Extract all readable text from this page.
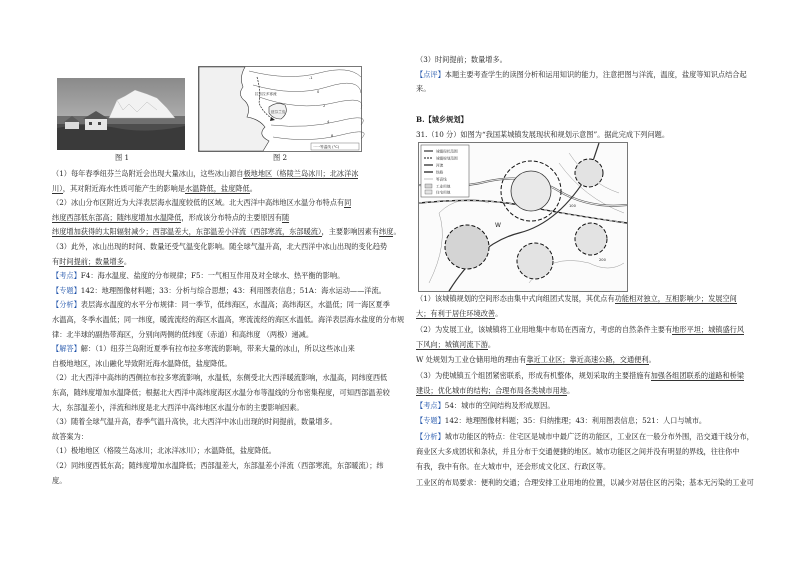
图 1
拉布拉多寒流
纽芬兰岛
-1
0
2
4
8
一一等温线 (°C)
图 2
（1）每年春季纽芬兰岛附近会出现大量冰山，这些冰山源自极地地区（格陵兰岛冰川；北冰洋冰
川），其对附近海水性质可能产生的影响是水温降低，盐度降低。
（2）冰山分布区附近为大洋表层海水温度较低的区域。北大西洋中高纬地区水温分布特点有同
纬度西部低东部高；随纬度增加水温降低，形成该分布特点的主要原因有随
纬度增加获得的太阳辐射减少；西部温差大，东部温差小洋流（西部寒流，东部暖流），主要影响因素有纬度。
（3）此外，冰山出现的时间、数量还受气温变化影响。随全球气温升高，北大西洋中冰山出现的变化趋势
有时间提前；数量增多。
【考点】F4：海水温度、盐度的分布规律；F5：一气相互作用及对全球水、热平衡的影响。
【专题】142：地理图像材料题；33：分析与综合思想；43：利用图表信息；51A：海水运动——洋流。
【分析】表层海水温度的水平分布规律：同一季节，低纬海区，水温高；高纬海区，水温低；同一海区夏季
水温高，冬季水温低；同一纬度，暖流流经的海区水温高，寒流流经的海区水温低。海洋表层海水盐度的分布规
律：北半球的副热带海区，分别向两侧的低纬度（赤道）和高纬度 （两极）递减。
【解答】解：（1）纽芬兰岛附近夏季有拉布拉多寒流的影响，带来大量的冰山，所以这些冰山来
自极地地区，冰山融化导致附近海水温降低，盐度降低。
（2）北大西洋中高纬的西侧拉布拉多寒流影响，水温低，东侧受北大西洋暖流影响，水温高，同纬度西低
东高，随纬度增加水温降低；根据北大西洋中高纬度海区水温分布等温线的分布密集程度，可知西部温差较
大，东部温差小，洋流和纬度是北大西洋中高纬地区水温分布的主要影响因素。
（3）随着全球气温升高，春季气温升高快，北大西洋中冰山出现的时间提前，数量增多。
故答案为：
（1）极地地区（格陵兰岛冰川；北冰洋冰川）；水温降低，盐度降低。
（2）同纬度西低东高；随纬度增加水温降低；西部温差大，东部温差小洋流（西部寒流，东部暖流）；纬
度。
（3）时间提前；数量增多。
【点评】本题主要考查学生的读图分析和运用知识的能力，注意把图与洋流，温度，盐度等知识点结合起
来。
B.【城乡规划】
31.（10 分）如图为“我国某城镇发展现状和规划示意图”。据此完成下列问题。
100
200
W
城镇现状范围
城镇规划范围
河流
铁路
等高线
工业用地
住宅用地
（1）该城镇规划的空间形态由集中式向组团式发展，其优点有功能相对独立，互相影响少；发展空间
大；有利于居住环境改善。
（2）为发展工业，该城镇将工业用地集中布局在西南方，考虑的自然条件主要有地形平坦；城镇盛行风
下风向；城镇河流下游。
W 处规划为工业仓储用地的理由有靠近工业区；靠近高速公路，交通便利。
（3）为使城镇五个组团紧密联系，形成有机整体，规划采取的主要措施有加强各组团联系的道路和桥梁
建设；优化城市的结构；合理布局各类城市用地。
【考点】54：城市的空间结构及形成原因。
【专题】142：地理图像材料题；35：归纳推理；43：利用图表信息；521：人口与城市。
【分析】城市功能区的特点：住宅区是城市中最广泛的功能区，工业区在一般分布外围，沿交通干线分布，
商业区大多成团状和条状，并且分布于交通便捷的地区。城市功能区之间并没有明显的界线，往往你中
有我，我中有你。在大城市中，还会形成文化区、行政区等。
工业区的布局要求：便利的交通；合理安排工业用地的位置，以减少对居住区的污染；基本无污染的工业可
